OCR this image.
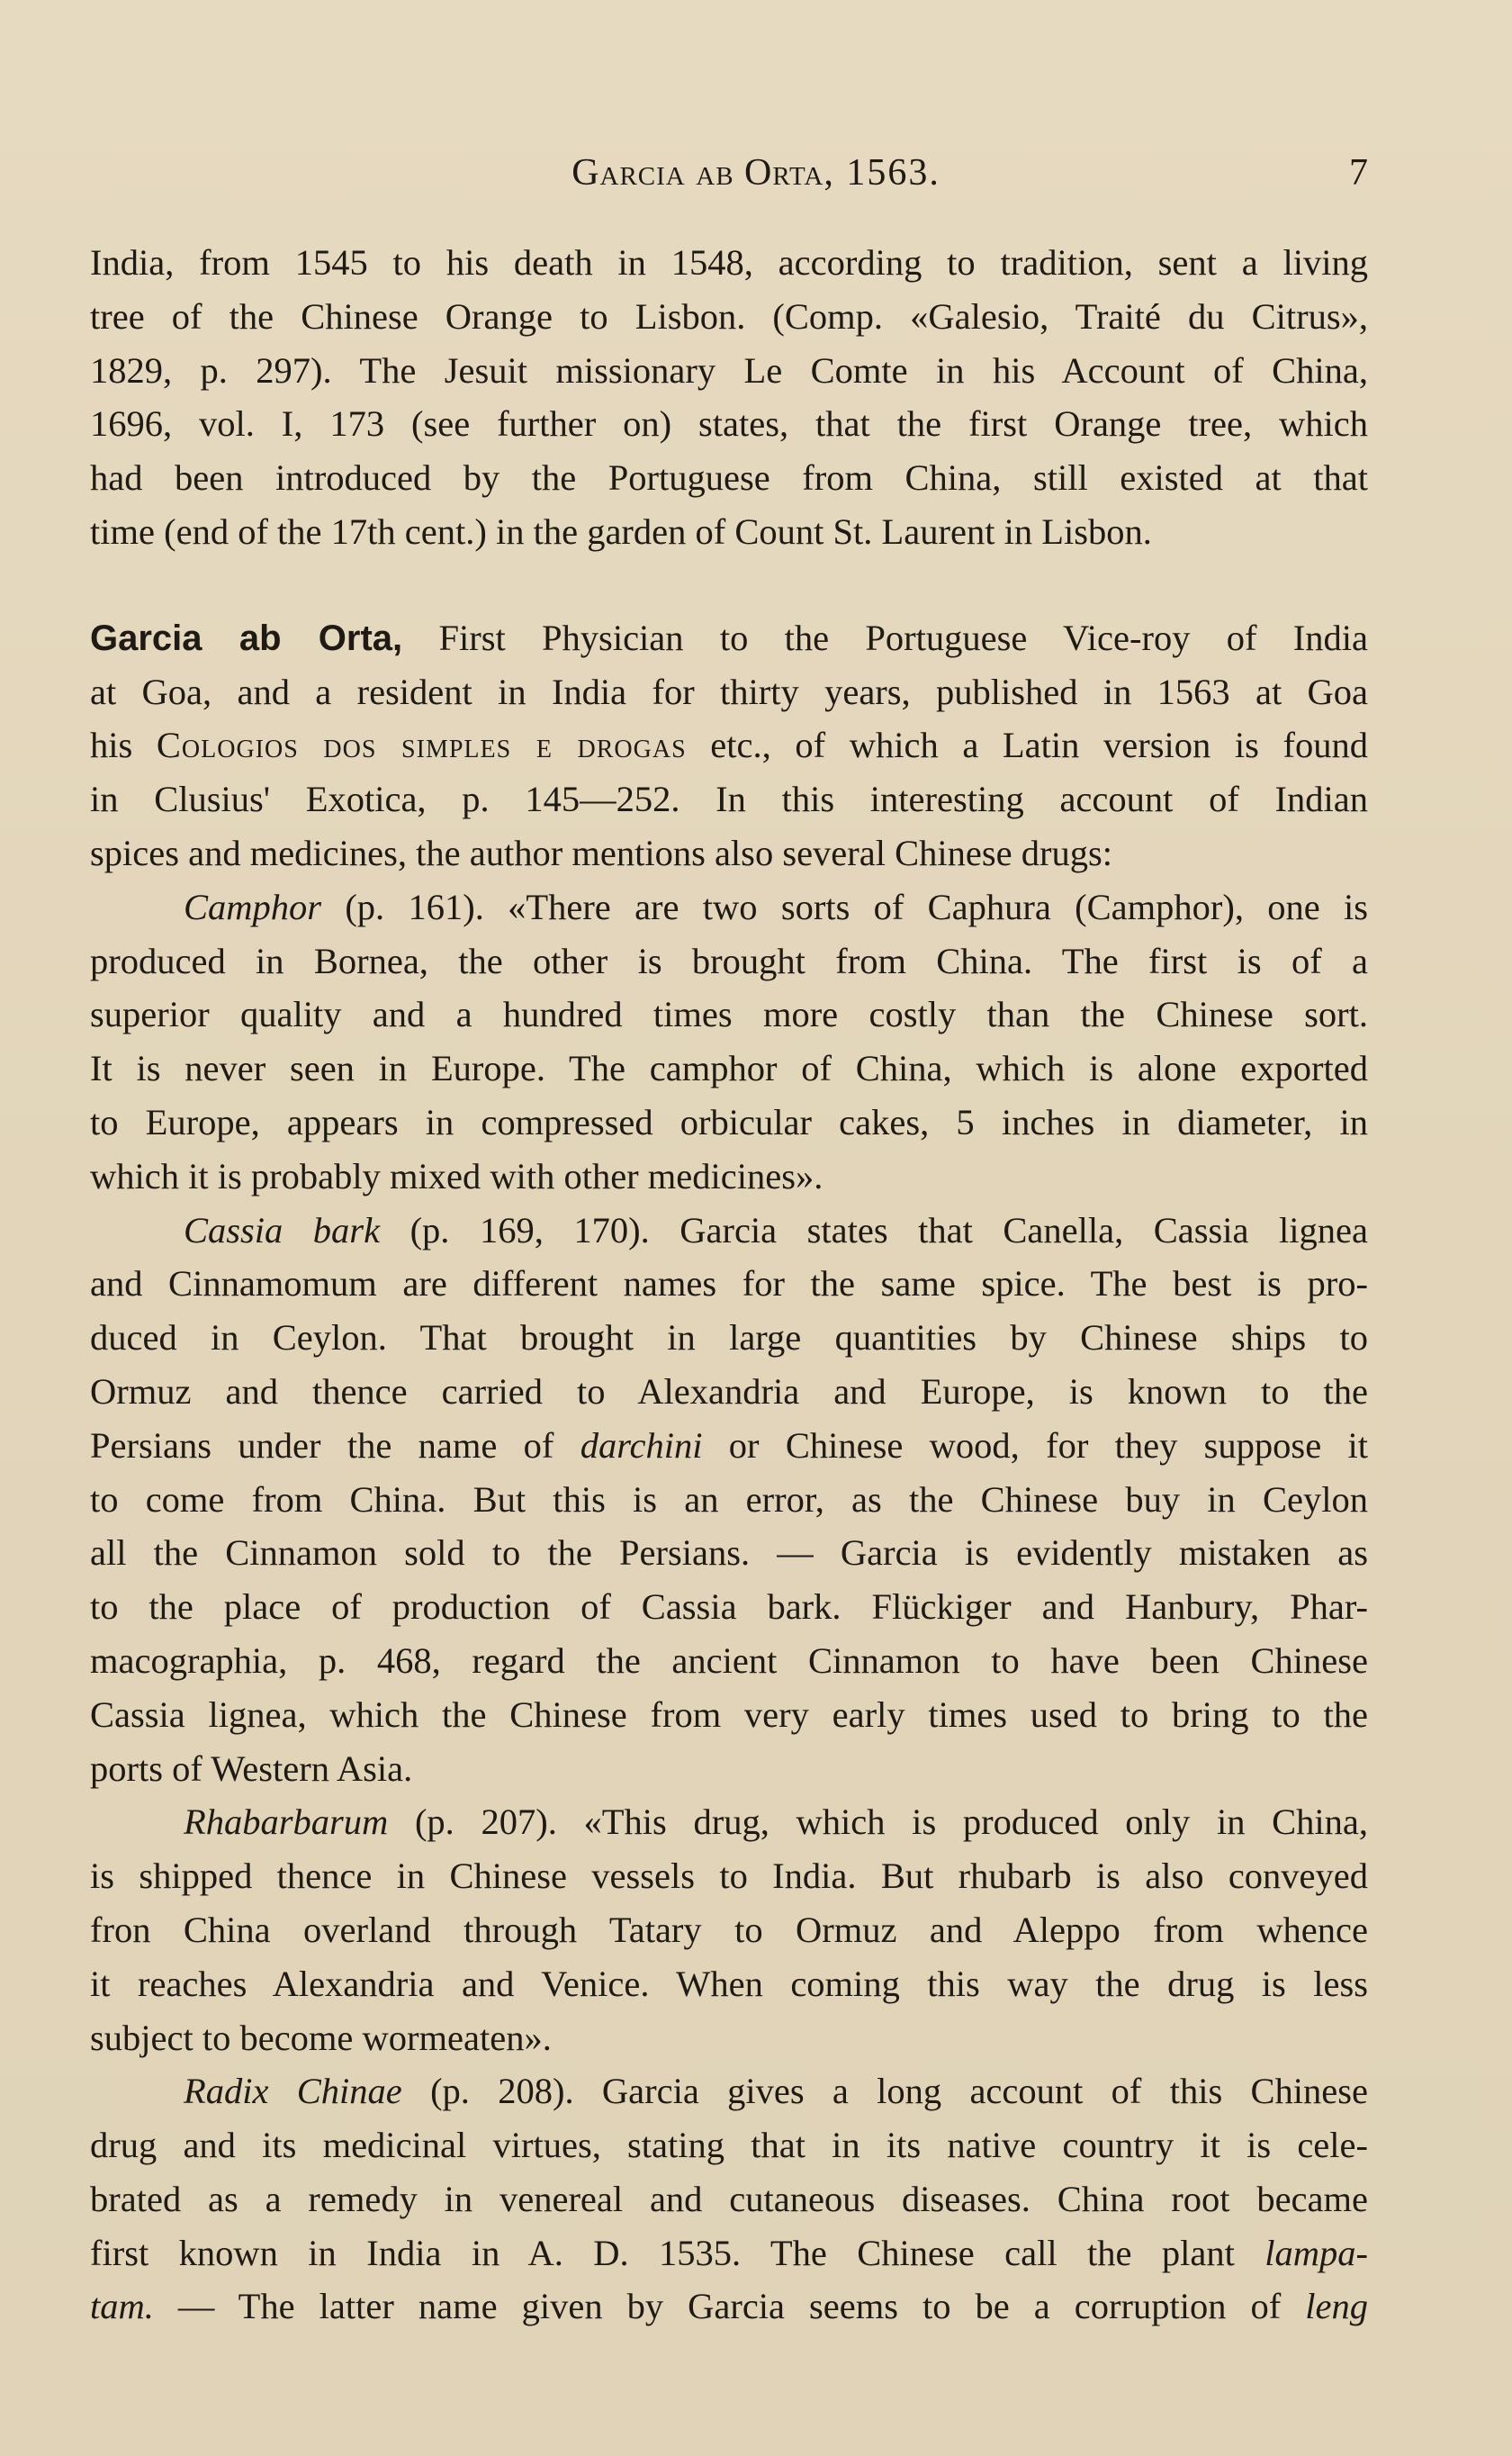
Garcia ab Orta, 1563.	7
India, from 1545 to his death in 1548, according to tradition, sent a living
tree of the Chinese Orange to Lisbon. (Comp. «Galesio, Traité du Citrus»,
1829, p. 297). The Jesuit missionary Le Comte in his Account of China,
1696, vol. I, 173 (see further on) states, that the first Orange tree, which
had been introduced by the Portuguese from China, still existed at that
time (end of the 17th cent.) in the garden of Count St. Laurent in Lisbon.
Garcia ab Orta, First Physician to the Portuguese Vice-roy of India
at Goa, and a resident in India for thirty years, published in 1563 at Goa
his Cologios dos simples e drogas etc., of which a Latin version is found
in Clusius' Exotica, p. 145—252. In this interesting account of Indian
spices and medicines, the author mentions also several Chinese drugs:
Camphor (p. 161). «There are two sorts of Caphura (Camphor), one is
produced in Bornea, the other is brought from China. The first is of a
superior quality and a hundred times more costly than the Chinese sort.
It is never seen in Europe. The camphor of China, which is alone exported
to Europe, appears in compressed orbicular cakes, 5 inches in diameter, in
which it is probably mixed with other medicines».
Cassia bark (p. 169, 170). Garcia states that Canella, Cassia lignea
and Cinnamomum are different names for the same spice. The best is pro-
duced in Ceylon. That brought in large quantities by Chinese ships to
Ormuz and thence carried to Alexandria and Europe, is known to the
Persians under the name of darchini or Chinese wood, for they suppose it
to come from China. But this is an error, as the Chinese buy in Ceylon
all the Cinnamon sold to the Persians. — Garcia is evidently mistaken as
to the place of production of Cassia bark. Flückiger and Hanbury, Phar-
macographia, p. 468, regard the ancient Cinnamon to have been Chinese
Cassia lignea, which the Chinese from very early times used to bring to the
ports of Western Asia.
Rhabarbarum (p. 207). «This drug, which is produced only in China,
is shipped thence in Chinese vessels to India. But rhubarb is also conveyed
fron China overland through Tatary to Ormuz and Aleppo from whence
it reaches Alexandria and Venice. When coming this way the drug is less
subject to become wormeaten».
Radix Chinae (p. 208). Garcia gives a long account of this Chinese
drug and its medicinal virtues, stating that in its native country it is cele-
brated as a remedy in venereal and cutaneous diseases. China root became
first known in India in A. D. 1535. The Chinese call the plant lampa-
tam. — The latter name given by Garcia seems to be a corruption of leng
